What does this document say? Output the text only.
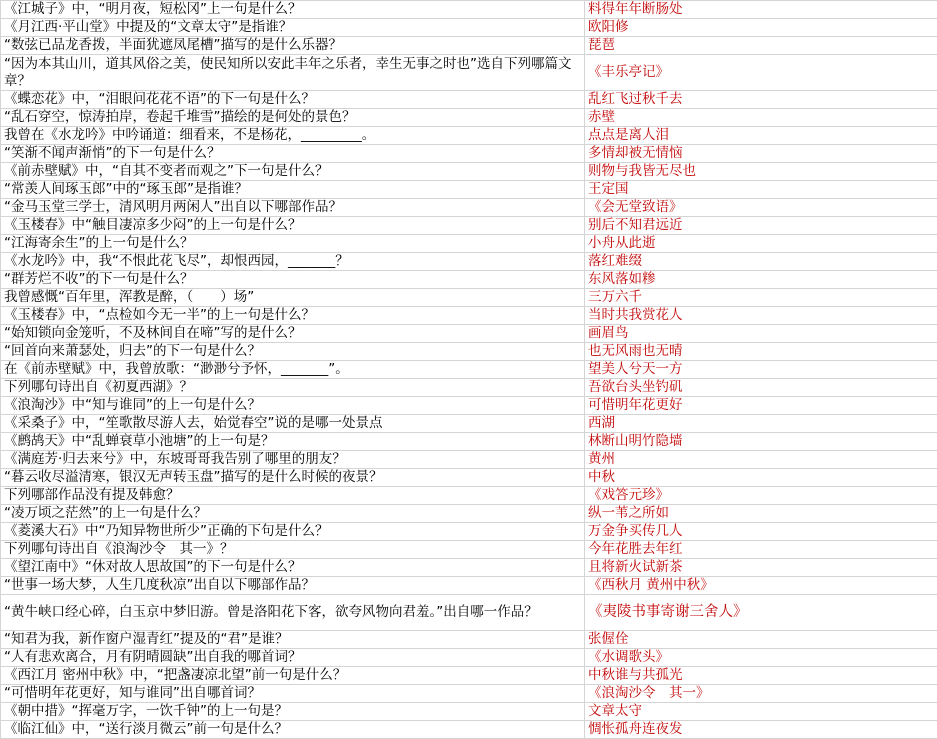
《江城子》中，“明月夜，短松冈”上一句是什么？	料得年年断肠处
《月江西·平山堂》中提及的“文章太守”是指谁？	欧阳修
“数弦已品龙香拨，半面犹遮凤尾槽”描写的是什么乐器？	琵琶
“因为本其山川，道其风俗之美，使民知所以安此丰年之乐者，幸生无事之时也”选自下列哪篇文章？	《丰乐亭记》
《蝶恋花》中，“泪眼问花花不语”的下一句是什么？	乱红飞过秋千去
“乱石穿空，惊涛拍岸，卷起千堆雪”描绘的是何处的景色？	赤壁
我曾在《水龙吟》中吟诵道：细看来，不是杨花，_________。	点点是离人泪
“笑渐不闻声渐悄”的下一句是什么？	多情却被无情恼
《前赤壁赋》中，“自其不变者而观之”下一句是什么？	则物与我皆无尽也
“常羡人间琢玉郎”中的“琢玉郎”是指谁？	王定国
“金马玉堂三学士，清风明月两闲人”出自以下哪部作品？	《会无堂致语》
《玉楼春》中“触目凄凉多少闷”的上一句是什么？	别后不知君远近
“江海寄余生”的上一句是什么？	小舟从此逝
《水龙吟》中，我“不恨此花飞尽”，却恨西园，_______？	落红难缀
“群芳烂不收”的下一句是什么？	东风落如糁
我曾感慨“百年里，浑教是醉，（　　）场”	三万六千
《玉楼春》中，“点检如今无一半”的上一句是什么？	当时共我赏花人
“始知锁向金笼听，不及林间自在啼”写的是什么？	画眉鸟
“回首向来萧瑟处，归去”的下一句是什么？	也无风雨也无晴
在《前赤壁赋》中，我曾放歌：“渺渺兮予怀，_______”。	望美人兮天一方
下列哪句诗出自《初夏西湖》？	吾欲台头坐钓矶
《浪淘沙》中“知与谁同”的上一句是什么？	可惜明年花更好
《采桑子》中，“笙歌散尽游人去，始觉春空”说的是哪一处景点	西湖
《鹧鸪天》中“乱蝉衰草小池塘”的上一句是？	林断山明竹隐墙
《满庭芳·归去来兮》中，东坡哥哥我告别了哪里的朋友？	黄州
“暮云收尽溢清寒，银汉无声转玉盘”描写的是什么时候的夜景？	中秋
下列哪部作品没有提及韩愈？	《戏答元珍》
“凌万顷之茫然”的上一句是什么？	纵一苇之所如
《菱溪大石》中“乃知异物世所少”正确的下句是什么？	万金争买传几人
下列哪句诗出自《浪淘沙令　其一》？	今年花胜去年红
《望江南中》“休对故人思故国”的下一句是什么？	且将新火试新茶
“世事一场大梦，人生几度秋凉”出自以下哪部作品？	《西秋月 黄州中秋》
“黄牛峡口经心碎，白玉京中梦旧游。曾是洛阳花下客，欲夸风物向君羞。”出自哪一作品？	《夷陵书事寄谢三舍人》
“知君为我，新作窗户湿青红”提及的“君”是谁？	张偓佺
“人有悲欢离合，月有阴晴圆缺”出自我的哪首词？	《水调歌头》
《西江月 密州中秋》中，“把盏凄凉北望”前一句是什么？	中秋谁与共孤光
“可惜明年花更好，知与谁同”出自哪首词？	《浪淘沙令　其一》
《朝中措》“挥毫万字，一饮千钟”的上一句是？	文章太守
《临江仙》中，“送行淡月微云”前一句是什么？	惆怅孤舟连夜发
